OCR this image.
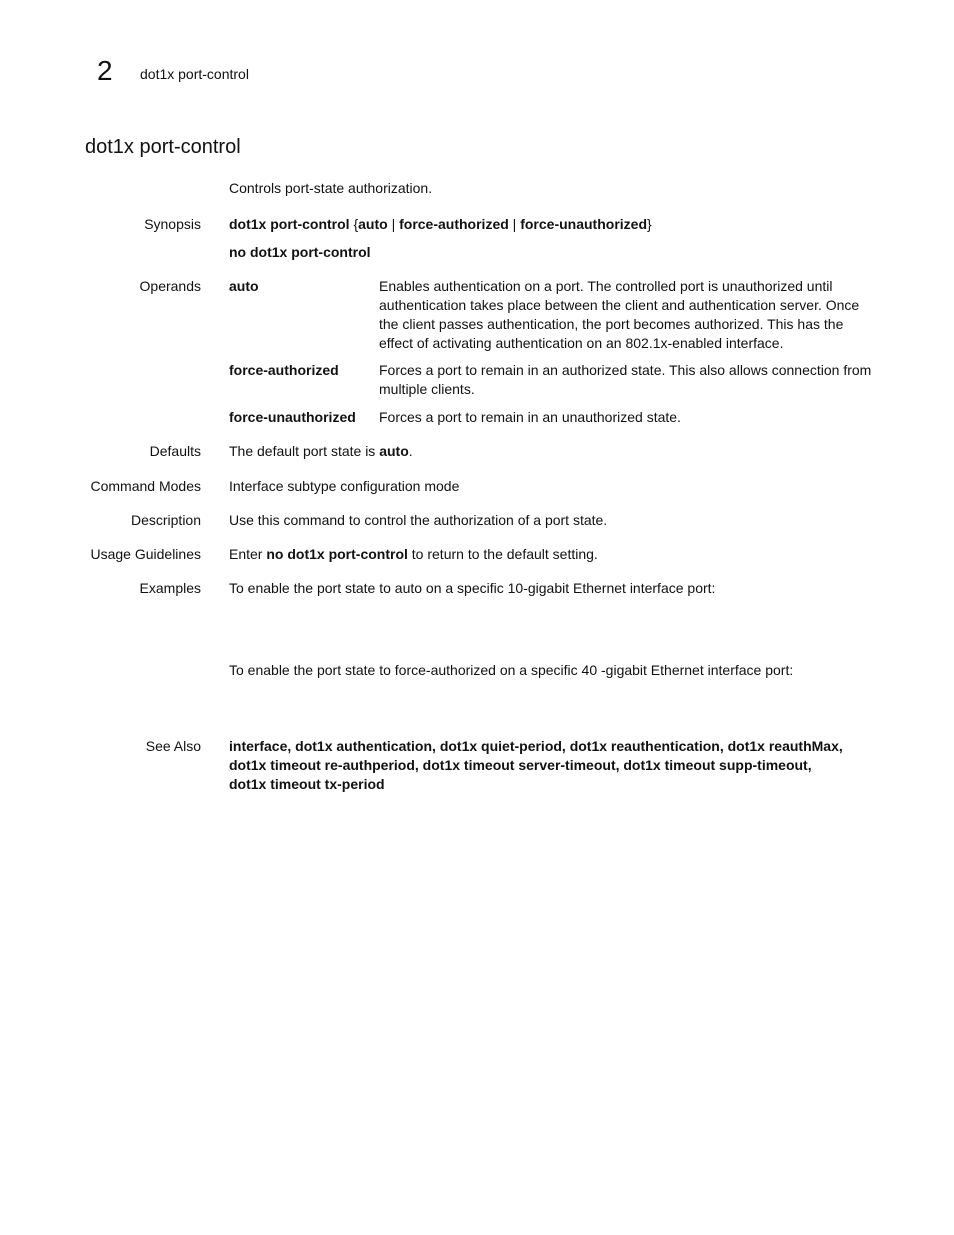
2 dot1x port-control
dot1x port-control
Controls port-state authorization.
Synopsis dot1x port-control {auto | force-authorized | force-unauthorized}
no dot1x port-control
Operands auto	Enables authentication on a port. The controlled port is unauthorized until authentication takes place between the client and authentication server. Once the client passes authentication, the port becomes authorized. This has the effect of activating authentication on an 802.1x-enabled interface.
force-authorized	Forces a port to remain in an authorized state. This also allows connection from multiple clients.
force-unauthorized Forces a port to remain in an unauthorized state.
Defaults The default port state is auto.
Command Modes Interface subtype configuration mode
Description Use this command to control the authorization of a port state.
Usage Guidelines Enter no dot1x port-control to return to the default setting.
Examples To enable the port state to auto on a specific 10-gigabit Ethernet interface port:
To enable the port state to force-authorized on a specific 40 -gigabit Ethernet interface port:
See Also interface, dot1x authentication, dot1x quiet-period, dot1x reauthentication, dot1x reauthMax,
dot1x timeout re-authperiod, dot1x timeout server-timeout, dot1x timeout supp-timeout,
dot1x timeout tx-period
